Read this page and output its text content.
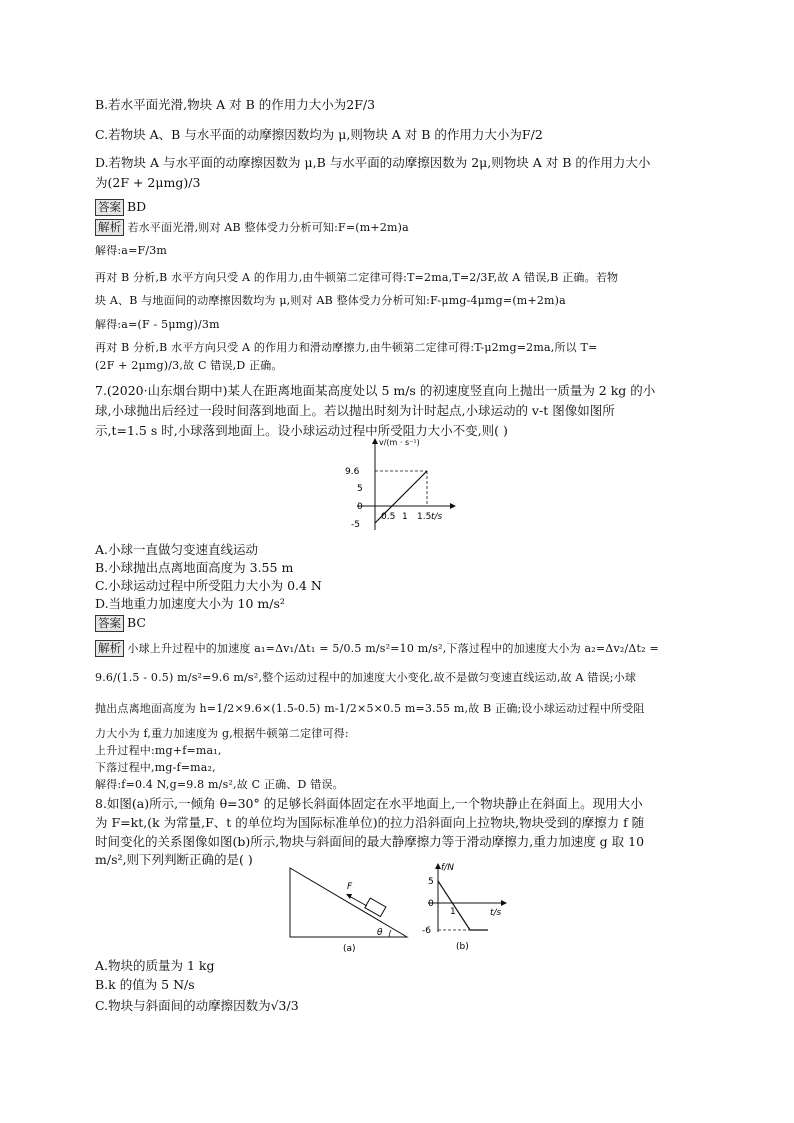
B.若水平面光滑,物块 A 对 B 的作用力大小为2F/3
C.若物块 A、B 与水平面的动摩擦因数均为 μ,则物块 A 对 B 的作用力大小为F/2
D.若物块 A 与水平面的动摩擦因数为 μ,B 与水平面的动摩擦因数为 2μ,则物块 A 对 B 的作用力大小
为(2F + 2μmg)/3
答案 BD
解析 若水平面光滑,则对 AB 整体受力分析可知:F=(m+2m)a
解得:a=F/3m
再对 B 分析,B 水平方向只受 A 的作用力,由牛顿第二定律可得:T=2ma,T=2/3F,故 A 错误,B 正确。若物
块 A、B 与地面间的动摩擦因数均为 μ,则对 AB 整体受力分析可知:F-μmg-4μmg=(m+2m)a
解得:a=(F - 5μmg)/3m
再对 B 分析,B 水平方向只受 A 的作用力和滑动摩擦力,由牛顿第二定律可得:T-μ2mg=2ma,所以 T=
(2F + 2μmg)/3,故 C 错误,D 正确。
7.(2020·山东烟台期中)某人在距离地面某高度处以 5 m/s 的初速度竖直向上抛出一质量为 2 kg 的小
球,小球抛出后经过一段时间落到地面上。若以抛出时刻为计时起点,小球运动的 v-t 图像如图所
示,t=1.5 s 时,小球落到地面上。设小球运动过程中所受阻力大小不变,则( )
v/(m · s⁻¹)
t/s
9.6
5
0
-5
0.5 1 1.5
A.小球一直做匀变速直线运动
B.小球抛出点离地面高度为 3.55 m
C.小球运动过程中所受阻力大小为 0.4 N
D.当地重力加速度大小为 10 m/s²
答案 BC
解析 小球上升过程中的加速度 a₁=Δv₁/Δt₁ = 5/0.5 m/s²=10 m/s²,下落过程中的加速度大小为 a₂=Δv₂/Δt₂ =
9.6/(1.5 - 0.5) m/s²=9.6 m/s²,整个运动过程中的加速度大小变化,故不是做匀变速直线运动,故 A 错误;小球
抛出点离地面高度为 h=1/2×9.6×(1.5-0.5) m-1/2×5×0.5 m=3.55 m,故 B 正确;设小球运动过程中所受阻
力大小为 f,重力加速度为 g,根据牛顿第二定律可得:
上升过程中:mg+f=ma₁,
下落过程中,mg-f=ma₂,
解得:f=0.4 N,g=9.8 m/s²,故 C 正确、D 错误。
8.如图(a)所示,一倾角 θ=30° 的足够长斜面体固定在水平地面上,一个物块静止在斜面上。现用大小
为 F=kt,(k 为常量,F、t 的单位均为国际标准单位)的拉力沿斜面向上拉物块,物块受到的摩擦力 f 随
时间变化的关系图像如图(b)所示,物块与斜面间的最大静摩擦力等于滑动摩擦力,重力加速度 g 取 10
m/s²,则下列判断正确的是( )
F
θ
(a)
f/N
t/s
5
0
-6
1
(b)
A.物块的质量为 1 kg
B.k 的值为 5 N/s
C.物块与斜面间的动摩擦因数为√3/3
